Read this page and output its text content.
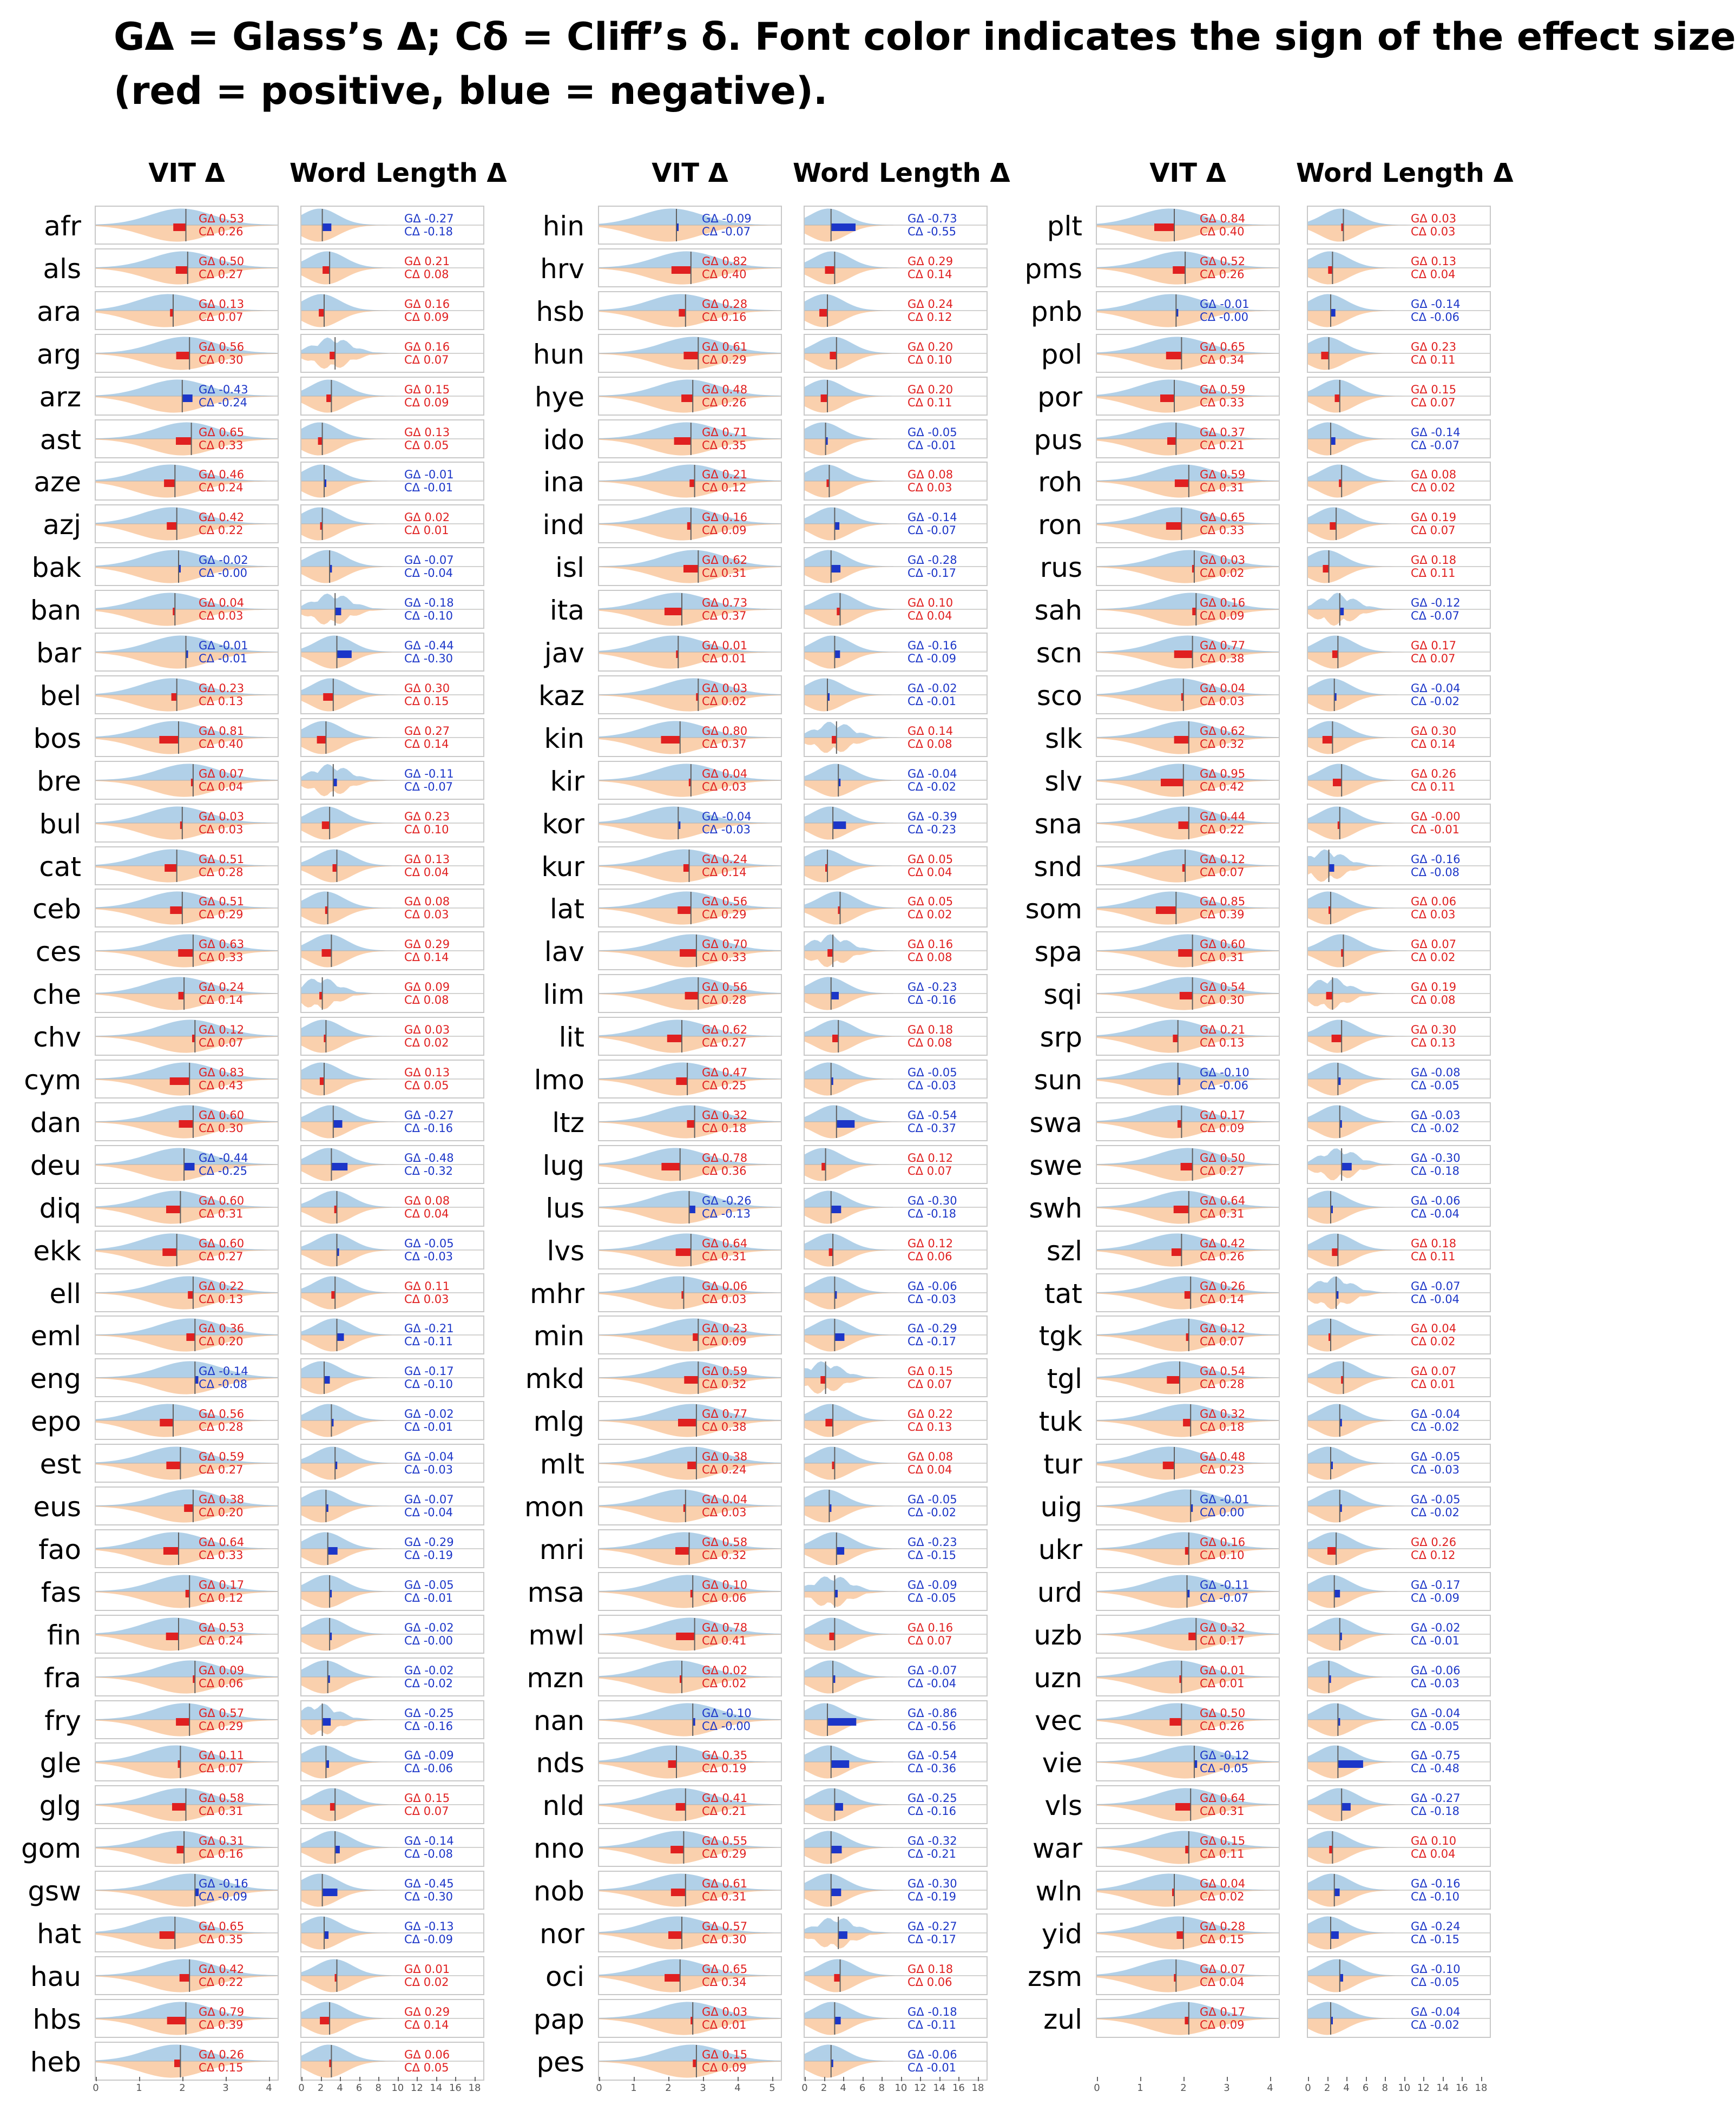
GΔ = Glass’s Δ; Cδ = Cliff’s δ. Font color indicates the sign of the effect size
(red = positive, blue = negative).
VIT Δ	Word Length Δ
afr	GΔ 0.53
CΔ 0.26
GΔ -0.27
CΔ -0.18
als	GΔ 0.50
CΔ 0.27
GΔ 0.21
CΔ 0.08
ara	GΔ 0.13
CΔ 0.07
GΔ 0.16
CΔ 0.09
arg	GΔ 0.56
CΔ 0.30
GΔ 0.16
CΔ 0.07
arz	GΔ -0.43
CΔ -0.24
GΔ 0.15
CΔ 0.09
ast	GΔ 0.65
CΔ 0.33
GΔ 0.13
CΔ 0.05
aze	GΔ 0.46
CΔ 0.24
GΔ -0.01
CΔ -0.01
azj	GΔ 0.42
CΔ 0.22
GΔ 0.02
CΔ 0.01
bak	GΔ -0.02
CΔ -0.00
GΔ -0.07
CΔ -0.04
ban	GΔ 0.04
CΔ 0.03
GΔ -0.18
CΔ -0.10
bar	GΔ -0.01
CΔ -0.01
GΔ -0.44
CΔ -0.30
bel	GΔ 0.23
CΔ 0.13
GΔ 0.30
CΔ 0.15
bos	GΔ 0.81
CΔ 0.40
GΔ 0.27
CΔ 0.14
bre	GΔ 0.07
CΔ 0.04
GΔ -0.11
CΔ -0.07
bul	GΔ 0.03
CΔ 0.03
GΔ 0.23
CΔ 0.10
cat	GΔ 0.51
CΔ 0.28
GΔ 0.13
CΔ 0.04
ceb	GΔ 0.51
CΔ 0.29
GΔ 0.08
CΔ 0.03
ces	GΔ 0.63
CΔ 0.33
GΔ 0.29
CΔ 0.14
che	GΔ 0.24
CΔ 0.14
GΔ 0.09
CΔ 0.08
chv	GΔ 0.12
CΔ 0.07
GΔ 0.03
CΔ 0.02
cym	GΔ 0.83
CΔ 0.43
GΔ 0.13
CΔ 0.05
dan	GΔ 0.60
CΔ 0.30
GΔ -0.27
CΔ -0.16
deu	GΔ -0.44
CΔ -0.25
GΔ -0.48
CΔ -0.32
diq	GΔ 0.60
CΔ 0.31
GΔ 0.08
CΔ 0.04
ekk	GΔ 0.60
CΔ 0.27
GΔ -0.05
CΔ -0.03
ell	GΔ 0.22
CΔ 0.13
GΔ 0.11
CΔ 0.03
eml	GΔ 0.36
CΔ 0.20
GΔ -0.21
CΔ -0.11
eng	GΔ -0.14
CΔ -0.08
GΔ -0.17
CΔ -0.10
epo	GΔ 0.56
CΔ 0.28
GΔ -0.02
CΔ -0.01
est	GΔ 0.59
CΔ 0.27
GΔ -0.04
CΔ -0.03
eus	GΔ 0.38
CΔ 0.20
GΔ -0.07
CΔ -0.04
fao	GΔ 0.64
CΔ 0.33
GΔ -0.29
CΔ -0.19
fas	GΔ 0.17
CΔ 0.12
GΔ -0.05
CΔ -0.01
fin	GΔ 0.53
CΔ 0.24
GΔ -0.02
CΔ -0.00
fra	GΔ 0.09
CΔ 0.06
GΔ -0.02
CΔ -0.02
fry	GΔ 0.57
CΔ 0.29
GΔ -0.25
CΔ -0.16
gle	GΔ 0.11
CΔ 0.07
GΔ -0.09
CΔ -0.06
glg	GΔ 0.58
CΔ 0.31
GΔ 0.15
CΔ 0.07
gom	GΔ 0.31
CΔ 0.16
GΔ -0.14
CΔ -0.08
gsw	GΔ -0.16
CΔ -0.09
GΔ -0.45
CΔ -0.30
hat	GΔ 0.65
CΔ 0.35
GΔ -0.13
CΔ -0.09
hau	GΔ 0.42
CΔ 0.22
GΔ 0.01
CΔ 0.02
hbs	GΔ 0.79
CΔ 0.39
GΔ 0.29
CΔ 0.14
heb	GΔ 0.26
CΔ 0.15
GΔ 0.06
CΔ 0.05
0	1	2	3	4	0	2	4	6	8	10 12 14 16 18
VIT Δ	Word Length Δ
hin	GΔ -0.09
CΔ -0.07
GΔ -0.73
CΔ -0.55
hrv	GΔ 0.82
CΔ 0.40
GΔ 0.29
CΔ 0.14
hsb	GΔ 0.28
CΔ 0.16
GΔ 0.24
CΔ 0.12
hun	GΔ 0.61
CΔ 0.29
GΔ 0.20
CΔ 0.10
hye	GΔ 0.48
CΔ 0.26
GΔ 0.20
CΔ 0.11
ido	GΔ 0.71
CΔ 0.35
GΔ -0.05
CΔ -0.01
ina	GΔ 0.21
CΔ 0.12
GΔ 0.08
CΔ 0.03
ind	GΔ 0.16
CΔ 0.09
GΔ -0.14
CΔ -0.07
isl	GΔ 0.62
CΔ 0.31
GΔ -0.28
CΔ -0.17
ita	GΔ 0.73
CΔ 0.37
GΔ 0.10
CΔ 0.04
jav	GΔ 0.01
CΔ 0.01
GΔ -0.16
CΔ -0.09
kaz	GΔ 0.03
CΔ 0.02
GΔ -0.02
CΔ -0.01
kin	GΔ 0.80
CΔ 0.37
GΔ 0.14
CΔ 0.08
kir	GΔ 0.04
CΔ 0.03
GΔ -0.04
CΔ -0.02
kor	GΔ -0.04
CΔ -0.03
GΔ -0.39
CΔ -0.23
kur	GΔ 0.24
CΔ 0.14
GΔ 0.05
CΔ 0.04
lat	GΔ 0.56
CΔ 0.29
GΔ 0.05
CΔ 0.02
lav	GΔ 0.70
CΔ 0.33
GΔ 0.16
CΔ 0.08
lim	GΔ 0.56
CΔ 0.28
GΔ -0.23
CΔ -0.16
lit	GΔ 0.62
CΔ 0.27
GΔ 0.18
CΔ 0.08
lmo	GΔ 0.47
CΔ 0.25
GΔ -0.05
CΔ -0.03
ltz	GΔ 0.32
CΔ 0.18
GΔ -0.54
CΔ -0.37
lug	GΔ 0.78
CΔ 0.36
GΔ 0.12
CΔ 0.07
lus	GΔ -0.26
CΔ -0.13
GΔ -0.30
CΔ -0.18
lvs	GΔ 0.64
CΔ 0.31
GΔ 0.12
CΔ 0.06
mhr	GΔ 0.06
CΔ 0.03
GΔ -0.06
CΔ -0.03
min	GΔ 0.23
CΔ 0.09
GΔ -0.29
CΔ -0.17
mkd	GΔ 0.59
CΔ 0.32
GΔ 0.15
CΔ 0.07
mlg	GΔ 0.77
CΔ 0.38
GΔ 0.22
CΔ 0.13
mlt	GΔ 0.38
CΔ 0.24
GΔ 0.08
CΔ 0.04
mon	GΔ 0.04
CΔ 0.03
GΔ -0.05
CΔ -0.02
mri	GΔ 0.58
CΔ 0.32
GΔ -0.23
CΔ -0.15
msa	GΔ 0.10
CΔ 0.06
GΔ -0.09
CΔ -0.05
mwl	GΔ 0.78
CΔ 0.41
GΔ 0.16
CΔ 0.07
mzn	GΔ 0.02
CΔ 0.02
GΔ -0.07
CΔ -0.04
nan	GΔ -0.10
CΔ -0.00
GΔ -0.86
CΔ -0.56
nds	GΔ 0.35
CΔ 0.19
GΔ -0.54
CΔ -0.36
nld	GΔ 0.41
CΔ 0.21
GΔ -0.25
CΔ -0.16
nno	GΔ 0.55
CΔ 0.29
GΔ -0.32
CΔ -0.21
nob	GΔ 0.61
CΔ 0.31
GΔ -0.30
CΔ -0.19
nor	GΔ 0.57
CΔ 0.30
GΔ -0.27
CΔ -0.17
oci	GΔ 0.65
CΔ 0.34
GΔ 0.18
CΔ 0.06
pap	GΔ 0.03
CΔ 0.01
GΔ -0.18
CΔ -0.11
pes	GΔ 0.15
CΔ 0.09
GΔ -0.06
CΔ -0.01
0	1	2	3	4	5	0	2	4	6	8	10 12 14 16 18
VIT Δ	Word Length Δ
plt	GΔ 0.84
CΔ 0.40
GΔ 0.03
CΔ 0.03
pms	GΔ 0.52
CΔ 0.26
GΔ 0.13
CΔ 0.04
pnb	GΔ -0.01
CΔ -0.00
GΔ -0.14
CΔ -0.06
pol	GΔ 0.65
CΔ 0.34
GΔ 0.23
CΔ 0.11
por	GΔ 0.59
CΔ 0.33
GΔ 0.15
CΔ 0.07
pus	GΔ 0.37
CΔ 0.21
GΔ -0.14
CΔ -0.07
roh	GΔ 0.59
CΔ 0.31
GΔ 0.08
CΔ 0.02
ron	GΔ 0.65
CΔ 0.33
GΔ 0.19
CΔ 0.07
rus	GΔ 0.03
CΔ 0.02
GΔ 0.18
CΔ 0.11
sah	GΔ 0.16
CΔ 0.09
GΔ -0.12
CΔ -0.07
scn	GΔ 0.77
CΔ 0.38
GΔ 0.17
CΔ 0.07
sco	GΔ 0.04
CΔ 0.03
GΔ -0.04
CΔ -0.02
slk	GΔ 0.62
CΔ 0.32
GΔ 0.30
CΔ 0.14
slv	GΔ 0.95
CΔ 0.42
GΔ 0.26
CΔ 0.11
sna	GΔ 0.44
CΔ 0.22
GΔ -0.00
CΔ -0.01
snd	GΔ 0.12
CΔ 0.07
GΔ -0.16
CΔ -0.08
som	GΔ 0.85
CΔ 0.39
GΔ 0.06
CΔ 0.03
spa	GΔ 0.60
CΔ 0.31
GΔ 0.07
CΔ 0.02
sqi	GΔ 0.54
CΔ 0.30
GΔ 0.19
CΔ 0.08
srp	GΔ 0.21
CΔ 0.13
GΔ 0.30
CΔ 0.13
sun	GΔ -0.10
CΔ -0.06
GΔ -0.08
CΔ -0.05
swa	GΔ 0.17
CΔ 0.09
GΔ -0.03
CΔ -0.02
swe	GΔ 0.50
CΔ 0.27
GΔ -0.30
CΔ -0.18
swh	GΔ 0.64
CΔ 0.31
GΔ -0.06
CΔ -0.04
szl	GΔ 0.42
CΔ 0.26
GΔ 0.18
CΔ 0.11
tat	GΔ 0.26
CΔ 0.14
GΔ -0.07
CΔ -0.04
tgk	GΔ 0.12
CΔ 0.07
GΔ 0.04
CΔ 0.02
tgl	GΔ 0.54
CΔ 0.28
GΔ 0.07
CΔ 0.01
tuk	GΔ 0.32
CΔ 0.18
GΔ -0.04
CΔ -0.02
tur	GΔ 0.48
CΔ 0.23
GΔ -0.05
CΔ -0.03
uig	GΔ -0.01
CΔ 0.00
GΔ -0.05
CΔ -0.02
ukr	GΔ 0.16
CΔ 0.10
GΔ 0.26
CΔ 0.12
urd	GΔ -0.11
CΔ -0.07
GΔ -0.17
CΔ -0.09
uzb	GΔ 0.32
CΔ 0.17
GΔ -0.02
CΔ -0.01
uzn	GΔ 0.01
CΔ 0.01
GΔ -0.06
CΔ -0.03
vec	GΔ 0.50
CΔ 0.26
GΔ -0.04
CΔ -0.05
vie	GΔ -0.12
CΔ -0.05
GΔ -0.75
CΔ -0.48
vls	GΔ 0.64
CΔ 0.31
GΔ -0.27
CΔ -0.18
war	GΔ 0.15
CΔ 0.11
GΔ 0.10
CΔ 0.04
wln	GΔ 0.04
CΔ 0.02
GΔ -0.16
CΔ -0.10
yid	GΔ 0.28
CΔ 0.15
GΔ -0.24
CΔ -0.15
zsm	GΔ 0.07
CΔ 0.04
GΔ -0.10
CΔ -0.05
zul	GΔ 0.17
CΔ 0.09
GΔ -0.04
CΔ -0.02
0	1	2	3	4	0	2	4	6	8	10 12 14 16 18
